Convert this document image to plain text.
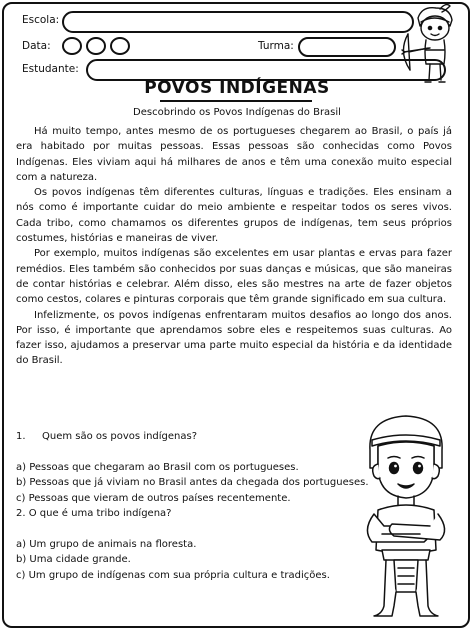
Escola:
Data:	Turma:
Estudante:
POVOS INDÍGENAS
Descobrindo os Povos Indígenas do Brasil

Há muito tempo, antes mesmo de os portugueses chegarem ao Brasil, o país já era habitado por muitas pessoas. Essas pessoas são conhecidas como Povos Indígenas. Eles viviam aqui há milhares de anos e têm uma conexão muito especial com a natureza.

Os povos indígenas têm diferentes culturas, línguas e tradições. Eles ensinam a nós como é importante cuidar do meio ambiente e respeitar todos os seres vivos. Cada tribo, como chamamos os diferentes grupos de indígenas, tem seus próprios costumes, histórias e maneiras de viver.

Por exemplo, muitos indígenas são excelentes em usar plantas e ervas para fazer remédios. Eles também são conhecidos por suas danças e músicas, que são maneiras de contar histórias e celebrar. Além disso, eles são mestres na arte de fazer objetos como cestos, colares e pinturas corporais que têm grande significado em sua cultura.

Infelizmente, os povos indígenas enfrentaram muitos desafios ao longo dos anos. Por isso, é importante que aprendamos sobre eles e respeitemos suas culturas. Ao fazer isso, ajudamos a preservar uma parte muito especial da história e da identidade do Brasil.

1. Quem são os povos indígenas?
a) Pessoas que chegaram ao Brasil com os portugueses.
b) Pessoas que já viviam no Brasil antes da chegada dos portugueses.
c) Pessoas que vieram de outros países recentemente.
2. O que é uma tribo indígena?
a) Um grupo de animais na floresta.
b) Uma cidade grande.
c) Um grupo de indígenas com sua própria cultura e tradições.
